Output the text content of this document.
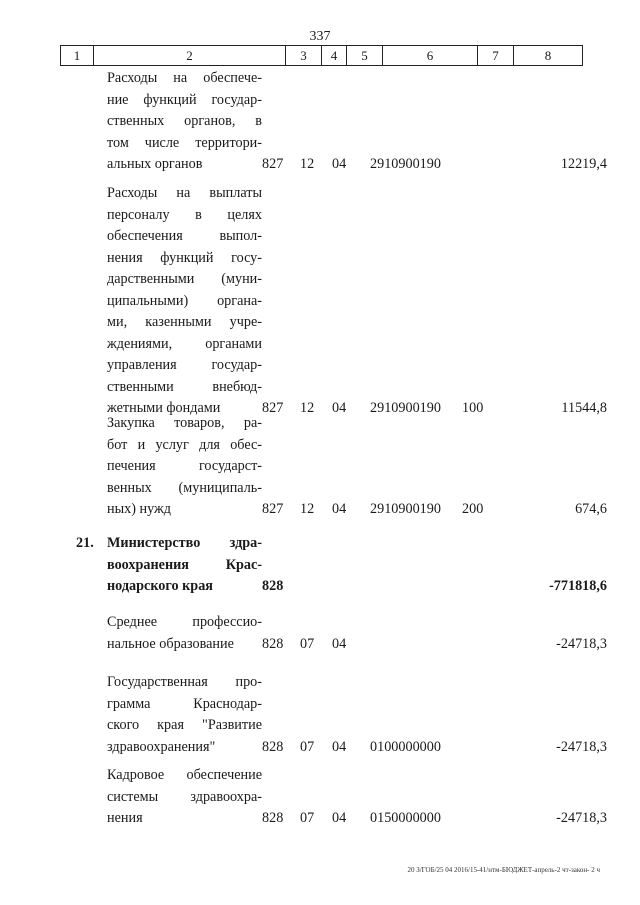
337
1	2	3	4	5	6	7	8
Расходы на обеспече-
ние функций государ-
ственных органов, в
том числе территори-
альных органов	827 12 04 2910900190	12219,4
Расходы на выплаты
персоналу в целях
обеспечения выпол-
нения функций госу-
дарственными (муни-
ципальными) органа-
ми, казенными учре-
ждениями, органами
управления государ-
ственными внебюд-
жетными фондами	827 12 04 2910900190 100	11544,8
Закупка товаров, ра-
бот и услуг для обес-
печения государст-
венных (муниципаль-
ных) нужд	827 12 04 2910900190 200	674,6
21. Министерство здра-
воохранения Крас-
нодарского края	828	-771818,6
Среднее профессио-
нальное образование	828 07 04	-24718,3
Государственная про-
грамма Краснодар-
ского края "Развитие
здравоохранения"	828 07 04 0100000000	-24718,3
Кадровое обеспечение
системы здравоохра-
нения	828 07 04 0150000000	-24718,3
20 З/ГОБ/25 04 2016/15-41/нтм-БЮДЖЕТ-апрель-2 чт-закон- 2 ч
